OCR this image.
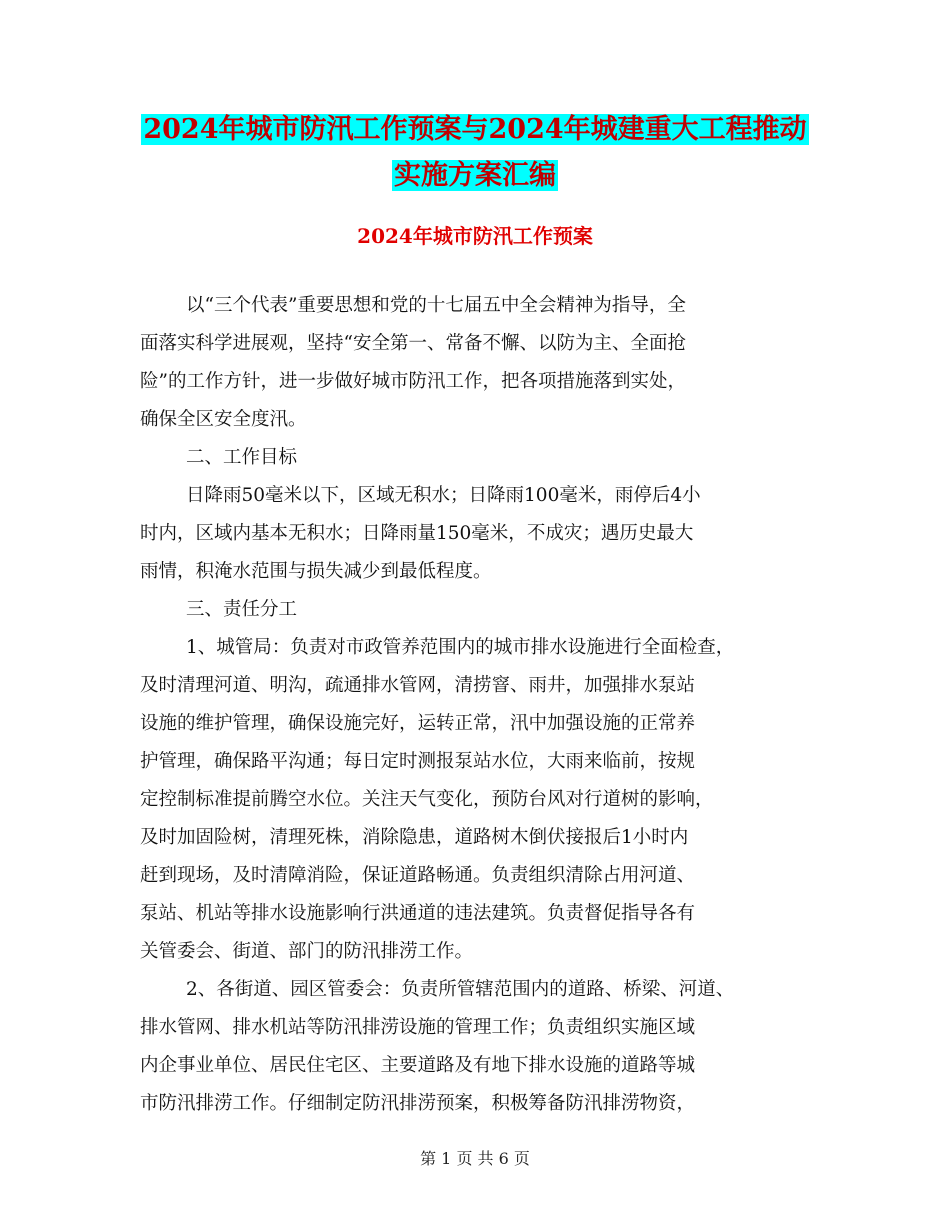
2024年城市防汛工作预案与2024年城建重大工程推动
实施方案汇编
2024年城市防汛工作预案
以“三个代表”重要思想和党的十七届五中全会精神为指导，全
面落实科学进展观，坚持“安全第一、常备不懈、以防为主、全面抢
险”的工作方针，进一步做好城市防汛工作，把各项措施落到实处，
确保全区安全度汛。
二、工作目标
日降雨50毫米以下，区域无积水；日降雨100毫米，雨停后4小
时内，区域内基本无积水；日降雨量150毫米，不成灾；遇历史最大
雨情，积淹水范围与损失减少到最低程度。
三、责任分工
1、城管局：负责对市政管养范围内的城市排水设施进行全面检查，
及时清理河道、明沟，疏通排水管网，清捞窨、雨井，加强排水泵站
设施的维护管理，确保设施完好，运转正常，汛中加强设施的正常养
护管理，确保路平沟通；每日定时测报泵站水位，大雨来临前，按规
定控制标准提前腾空水位。关注天气变化，预防台风对行道树的影响，
及时加固险树，清理死株，消除隐患，道路树木倒伏接报后1小时内
赶到现场，及时清障消险，保证道路畅通。负责组织清除占用河道、
泵站、机站等排水设施影响行洪通道的违法建筑。负责督促指导各有
关管委会、街道、部门的防汛排涝工作。
2、各街道、园区管委会：负责所管辖范围内的道路、桥梁、河道、
排水管网、排水机站等防汛排涝设施的管理工作；负责组织实施区域
内企事业单位、居民住宅区、主要道路及有地下排水设施的道路等城
市防汛排涝工作。仔细制定防汛排涝预案，积极筹备防汛排涝物资，
第 1 页 共 6 页
